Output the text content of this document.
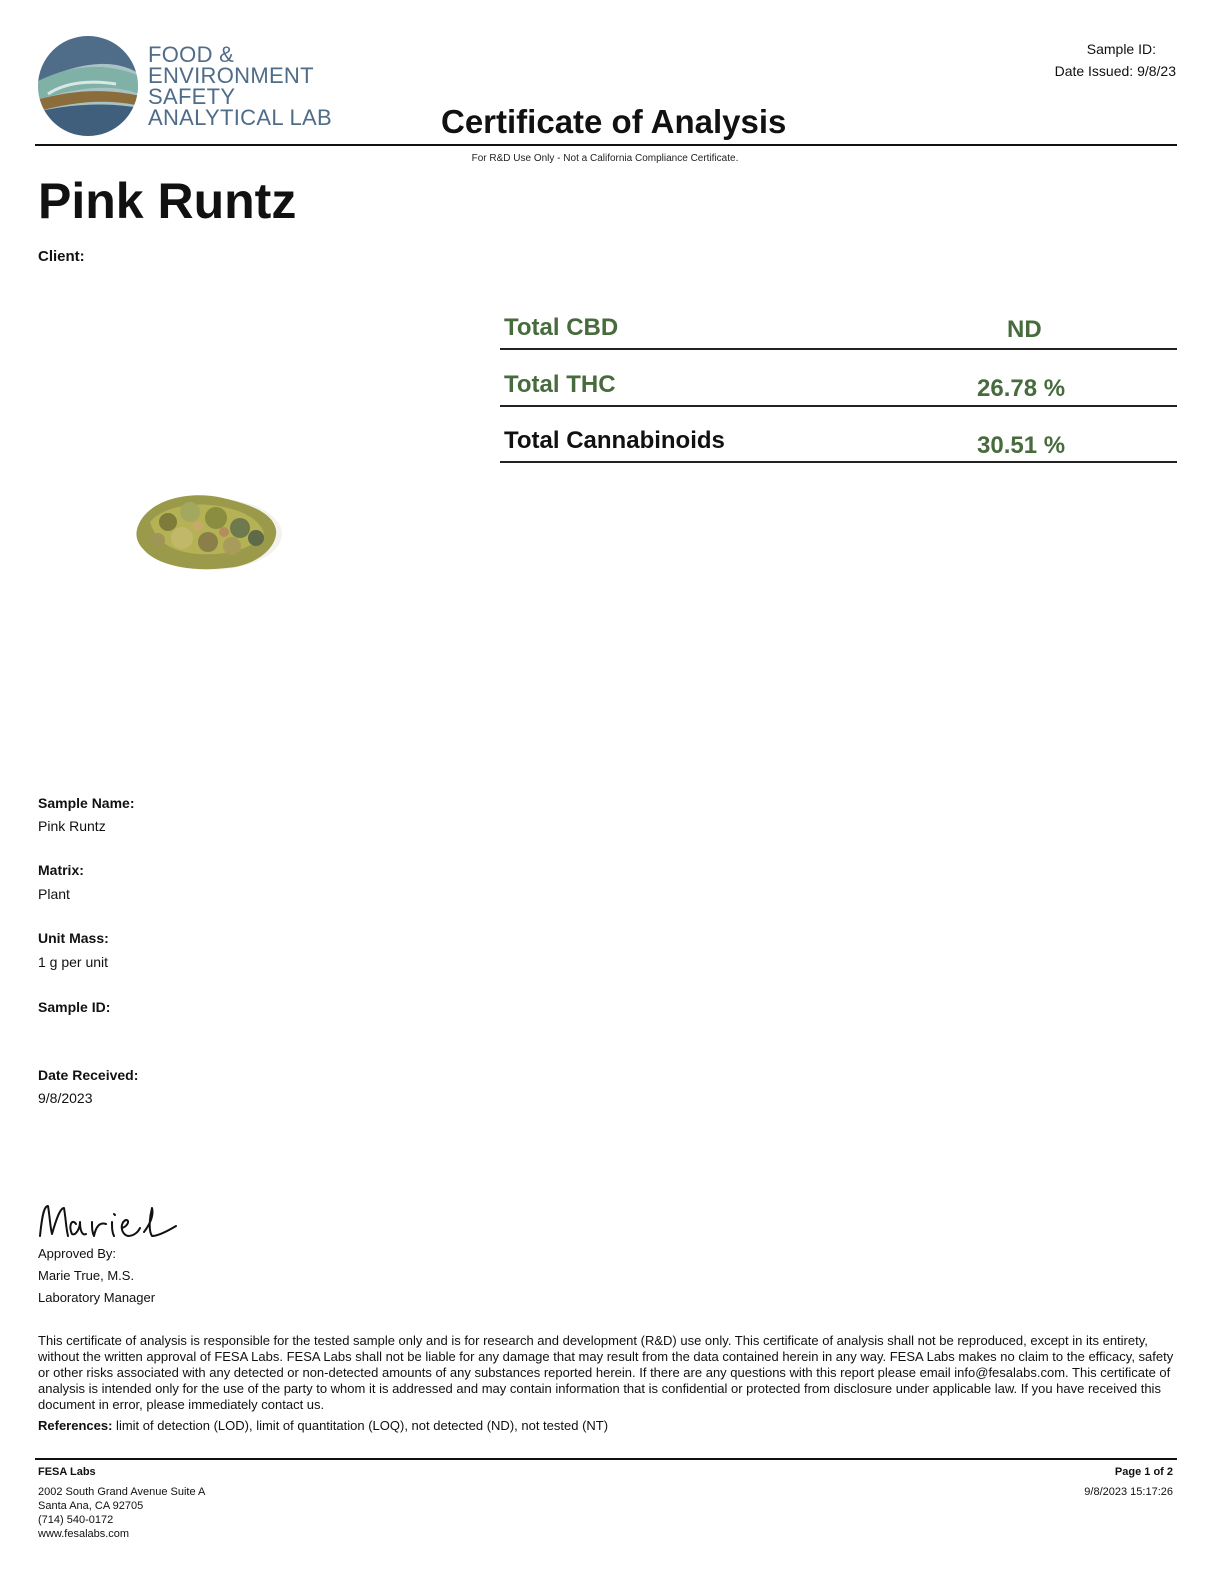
FOOD &
ENVIRONMENT
SAFETY
ANALYTICAL LAB	Certificate of Analysis
Sample ID:
Date Issued: 9/8/23
For R&D Use Only - Not a California Compliance Certificate.
Pink Runtz
Client:
Total CBD	ND
Total THC	26.78 %
Total Cannabinoids	30.51 %
Sample Name:
Pink Runtz
Matrix:
Plant
Unit Mass:
1 g per unit
Sample ID:
Date Received:
9/8/2023
Approved By:
Marie True, M.S.
Laboratory Manager
This certificate of analysis is responsible for the tested sample only and is for research and development (R&D) use only. This certificate of analysis shall not be reproduced, except in its entirety, without the written approval of FESA Labs. FESA Labs shall not be liable for any damage that may result from the data contained herein in any way. FESA Labs makes no claim to the efficacy, safety or other risks associated with any detected or non-detected amounts of any substances reported herein. If there are any questions with this report please email info@fesalabs.com. This certificate of analysis is intended only for the use of the party to whom it is addressed and may contain information that is confidential or protected from disclosure under applicable law. If you have received this document in error, please immediately contact us.
References: limit of detection (LOD), limit of quantitation (LOQ), not detected (ND), not tested (NT)
FESA Labs
2002 South Grand Avenue Suite A
Santa Ana, CA 92705
(714) 540-0172
www.fesalabs.com
Page 1 of 2
9/8/2023 15:17:26
